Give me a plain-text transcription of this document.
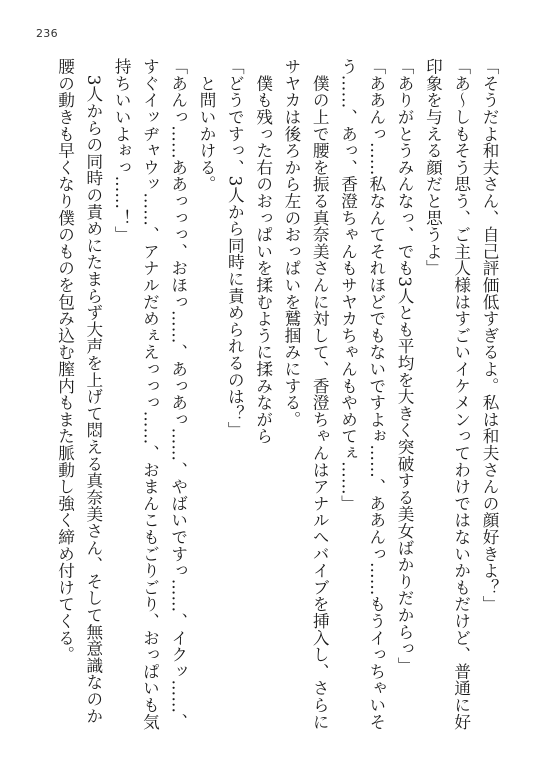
236

「そうだよ和夫さん、自己評価低すぎるよ。私は和夫さんの顔好きよ？」

「あ～しもそう思う、ご主人様はすごいイケメンってわけではないかもだけど、普通に好

印象を与える顔だと思うよ」

「ありがとうみんなっ、でも3人とも平均を大きく突破する美女ばかりだからっ」

「ああんっ……私なんてそれほどでもないですよぉ……、ああんっ……もうイっちゃいそ

う……、あっ、香澄ちゃんもサヤカちゃんもやめてぇ……」

　僕の上で腰を振る真奈美さんに対して、香澄ちゃんはアナルへバイブを挿入し、さらに

サヤカは後ろから左のおっぱいを鷲掴みにする。

　僕も残った右のおっぱいを揉むように揉みながら

「どうですっ、3人から同時に責められるのは？」

　と問いかける。

「あんっ……ああっっっ、おほっ……、あっあっ……、やばいですっ……、イクッ……、

すぐイッヂャウッ……、アナルだめぇえっっっ……、おまんこもごりごり、おっぱいも気

持ちいいよぉっ……！」

　3人からの同時の責めにたまらず大声を上げて悶える真奈美さん、そして無意識なのか

腰の動きも早くなり僕のものを包み込む膣内もまた脈動し強く締め付けてくる。
